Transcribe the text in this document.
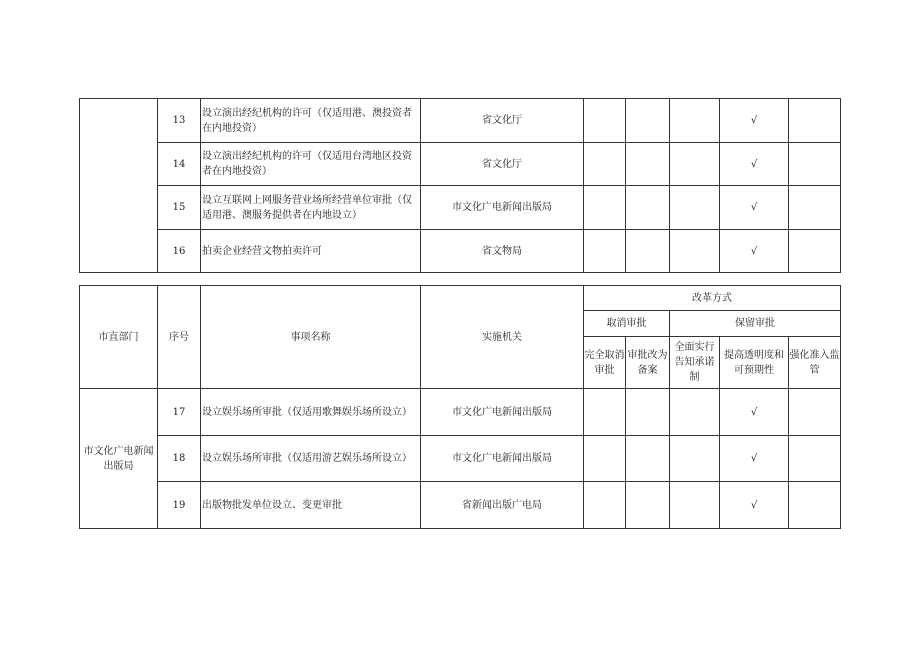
	13	设立演出经纪机构的许可（仅适用港、澳投资者在内地投资）	省文化厅				√	
	14	设立演出经纪机构的许可（仅适用台湾地区投资者在内地投资）	省文化厅				√	
	15	设立互联网上网服务营业场所经营单位审批（仅适用港、澳服务提供者在内地设立）	市文化广电新闻出版局				√	
	16	拍卖企业经营文物拍卖许可	省文物局				√	
市直部门	序号	事项名称	实施机关	改革方式				
				取消审批		保留审批		
				完全取消审批	审批改为备案	全面实行告知承诺制	提高透明度和可预期性	强化准入监管
市文化广电新闻出版局	17	设立娱乐场所审批（仅适用歌舞娱乐场所设立）	市文化广电新闻出版局				√	
	18	设立娱乐场所审批（仅适用游艺娱乐场所设立）	市文化广电新闻出版局				√	
	19	出版物批发单位设立、变更审批	省新闻出版广电局				√	
